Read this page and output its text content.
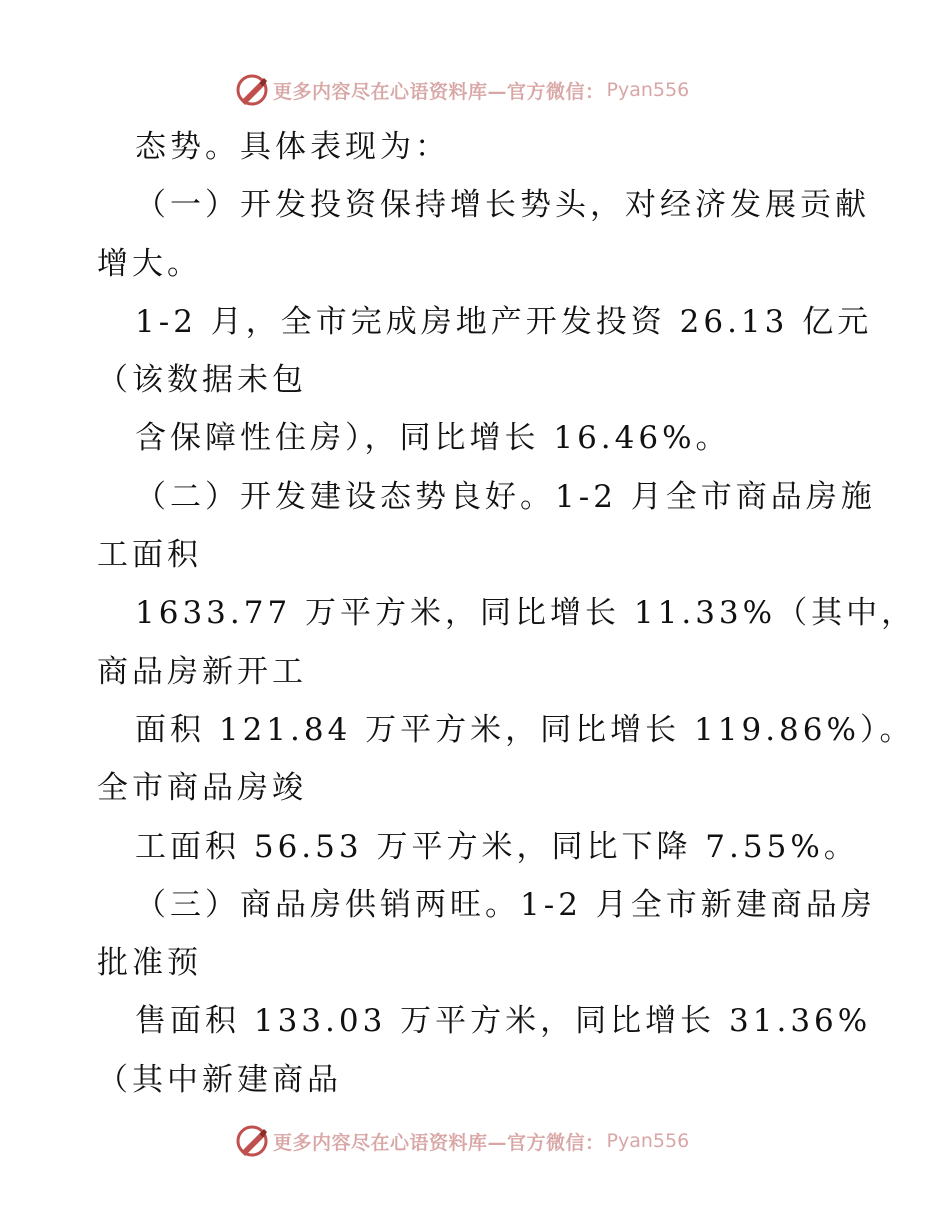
更多内容尽在心语资料库—官方微信： Pyan556
态势。具体表现为：
（一）开发投资保持增长势头，对经济发展贡献
增大。
1-2 月，全市完成房地产开发投资 26.13 亿元
（该数据未包
含保障性住房），同比增长 16.46%。
（二）开发建设态势良好。1-2 月全市商品房施
工面积
1633.77 万平方米，同比增长 11.33%（其中，
商品房新开工
面积 121.84 万平方米，同比增长 119.86%）。
全市商品房竣
工面积 56.53 万平方米，同比下降 7.55%。
（三）商品房供销两旺。1-2 月全市新建商品房
批准预
售面积 133.03 万平方米，同比增长 31.36%
（其中新建商品
更多内容尽在心语资料库—官方微信： Pyan556
